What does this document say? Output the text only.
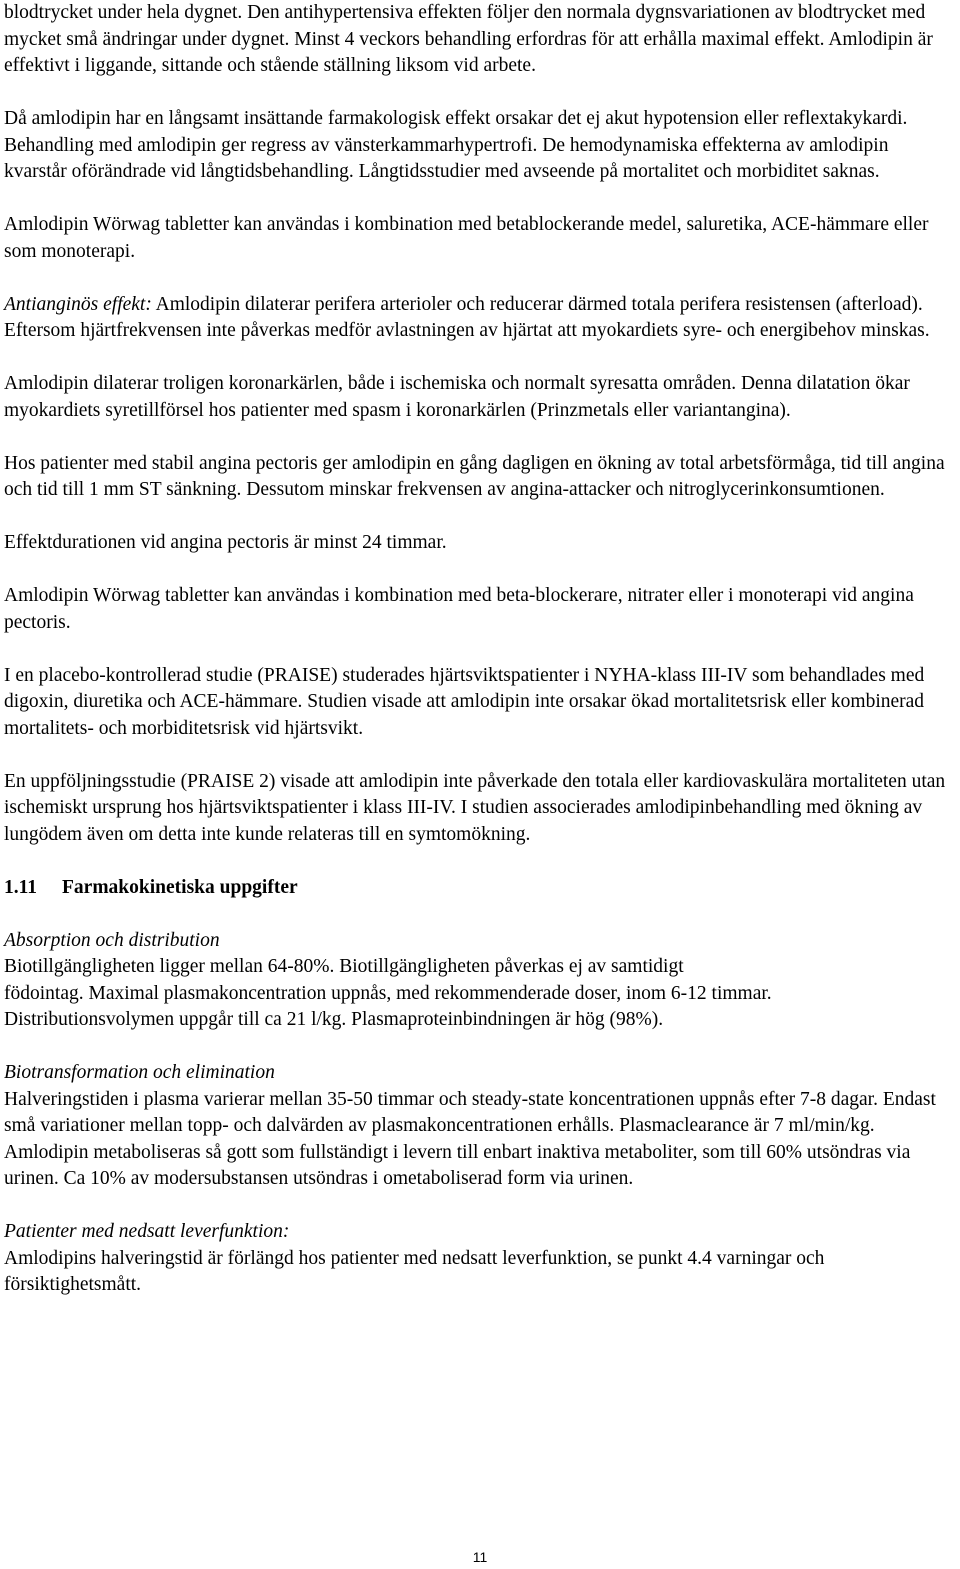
blodtrycket under hela dygnet. Den antihypertensiva effekten följer den normala dygnsvariationen av blodtrycket med mycket små ändringar under dygnet. Minst 4 veckors behandling erfordras för att erhålla maximal effekt. Amlodipin är effektivt i liggande, sittande och stående ställning liksom vid arbete.

Då amlodipin har en långsamt insättande farmakologisk effekt orsakar det ej akut hypotension eller reflextakykardi. Behandling med amlodipin ger regress av vänsterkammarhypertrofi. De hemodynamiska effekterna av amlodipin kvarstår oförändrade vid långtidsbehandling. Långtidsstudier med avseende på mortalitet och morbiditet saknas.

Amlodipin Wörwag tabletter kan användas i kombination med betablockerande medel, saluretika, ACE-hämmare eller som monoterapi.

Antianginös effekt: Amlodipin dilaterar perifera arterioler och reducerar därmed totala perifera resistensen (afterload). Eftersom hjärtfrekvensen inte påverkas medför avlastningen av hjärtat att myokardiets syre- och energibehov minskas.

Amlodipin dilaterar troligen koronarkärlen, både i ischemiska och normalt syresatta områden. Denna dilatation ökar myokardiets syretillförsel hos patienter med spasm i koronarkärlen (Prinzmetals eller variantangina).

Hos patienter med stabil angina pectoris ger amlodipin en gång dagligen en ökning av total arbetsförmåga, tid till angina och tid till 1 mm ST sänkning. Dessutom minskar frekvensen av angina-attacker och nitroglycerinkonsumtionen.

Effektdurationen vid angina pectoris är minst 24 timmar.

Amlodipin Wörwag tabletter kan användas i kombination med beta-blockerare, nitrater eller i monoterapi vid angina pectoris.

I en placebo-kontrollerad studie (PRAISE) studerades hjärtsviktspatienter i NYHA-klass III-IV som behandlades med digoxin, diuretika och ACE-hämmare. Studien visade att amlodipin inte orsakar ökad mortalitetsrisk eller kombinerad mortalitets- och morbiditetsrisk vid hjärtsvikt.

En uppföljningsstudie (PRAISE 2) visade att amlodipin inte påverkade den totala eller kardiovaskulära mortaliteten utan ischemiskt ursprung hos hjärtsviktspatienter i klass III-IV. I studien associerades amlodipinbehandling med ökning av lungödem även om detta inte kunde relateras till en symtomökning.

1.11 Farmakokinetiska uppgifter
Absorption och distribution
Biotillgängligheten ligger mellan 64-80%. Biotillgängligheten påverkas ej av samtidigt
födointag. Maximal plasmakoncentration uppnås, med rekommenderade doser, inom 6-12 timmar.
Distributionsvolymen uppgår till ca 21 l/kg. Plasmaproteinbindningen är hög (98%).
Biotransformation och elimination
Halveringstiden i plasma varierar mellan 35-50 timmar och steady-state koncentrationen uppnås efter 7-8 dagar. Endast små variationer mellan topp- och dalvärden av plasmakoncentrationen erhålls. Plasmaclearance är 7 ml/min/kg. Amlodipin metaboliseras så gott som fullständigt i levern till enbart inaktiva metaboliter, som till 60% utsöndras via urinen. Ca 10% av modersubstansen utsöndras i ometaboliserad form via urinen.
Patienter med nedsatt leverfunktion:
Amlodipins halveringstid är förlängd hos patienter med nedsatt leverfunktion, se punkt 4.4 varningar och försiktighetsmått.
11
